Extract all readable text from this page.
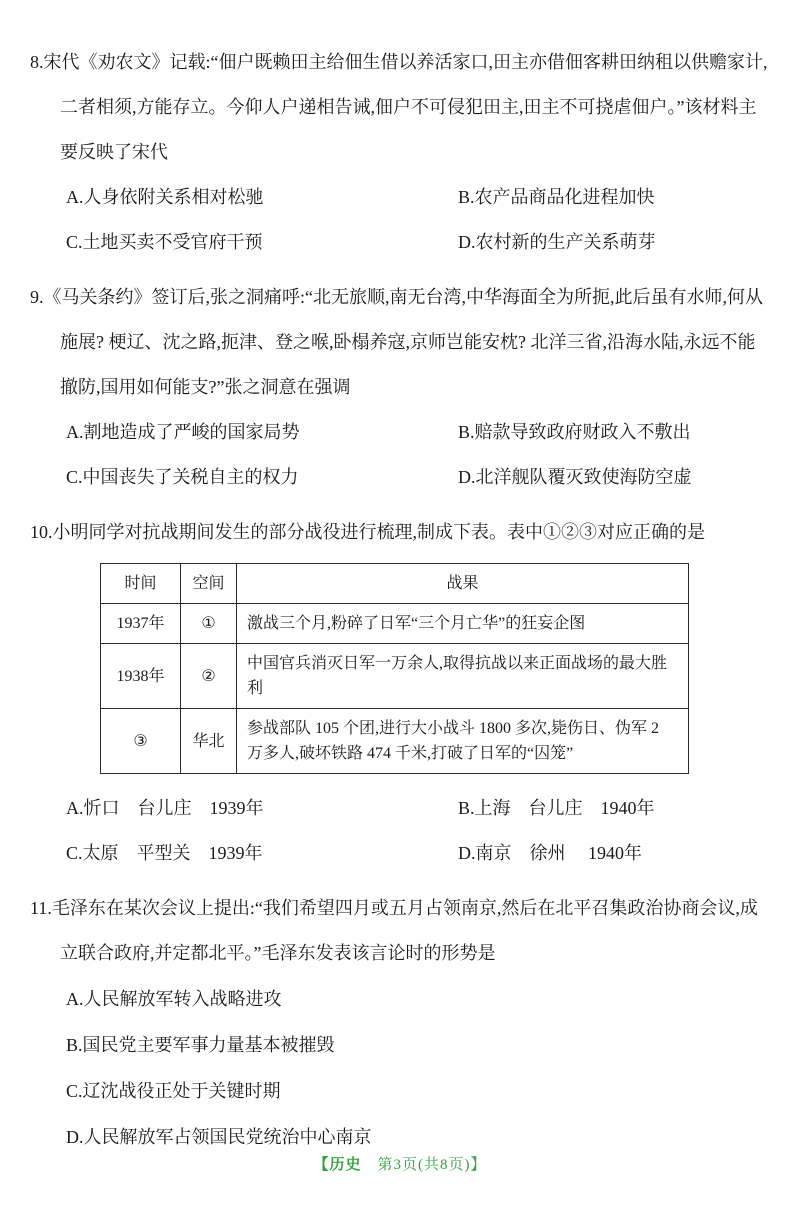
8.宋代《劝农文》记载:“佃户既赖田主给佃生借以养活家口,田主亦借佃客耕田纳租以供赡家计,二者相须,方能存立。今仰人户递相告诫,佃户不可侵犯田主,田主不可挠虐佃户。”该材料主要反映了宋代

A.人身依附关系相对松驰	B.农产品商品化进程加快
C.土地买卖不受官府干预	D.农村新的生产关系萌芽

9.《马关条约》签订后,张之洞痛呼:“北无旅顺,南无台湾,中华海面全为所扼,此后虽有水师,何从施展? 梗辽、沈之路,扼津、登之喉,卧榻养寇,京师岂能安枕? 北洋三省,沿海水陆,永远不能撤防,国用如何能支?”张之洞意在强调

A.割地造成了严峻的国家局势	B.赔款导致政府财政入不敷出
C.中国丧失了关税自主的权力	D.北洋舰队覆灭致使海防空虚

10.小明同学对抗战期间发生的部分战役进行梳理,制成下表。表中①②③对应正确的是

时间	空间	战果
1937年	①	激战三个月,粉碎了日军“三个月亡华”的狂妄企图
1938年	②	中国官兵消灭日军一万余人,取得抗战以来正面战场的最大胜利
③	华北	参战部队 105 个团,进行大小战斗 1800 多次,毙伤日、伪军 2 万多人,破坏铁路 474 千米,打破了日军的“囚笼”
A.忻口　台儿庄　1939年	B.上海　台儿庄　1940年
C.太原　平型关　1939年	D.南京　徐州　 1940年

11.毛泽东在某次会议上提出:“我们希望四月或五月占领南京,然后在北平召集政治协商会议,成立联合政府,并定都北平。”毛泽东发表该言论时的形势是

A.人民解放军转入战略进攻
B.国民党主要军事力量基本被摧毁
C.辽沈战役正处于关键时期
D.人民解放军占领国民党统治中心南京
【历史　第3页(共8页)】
